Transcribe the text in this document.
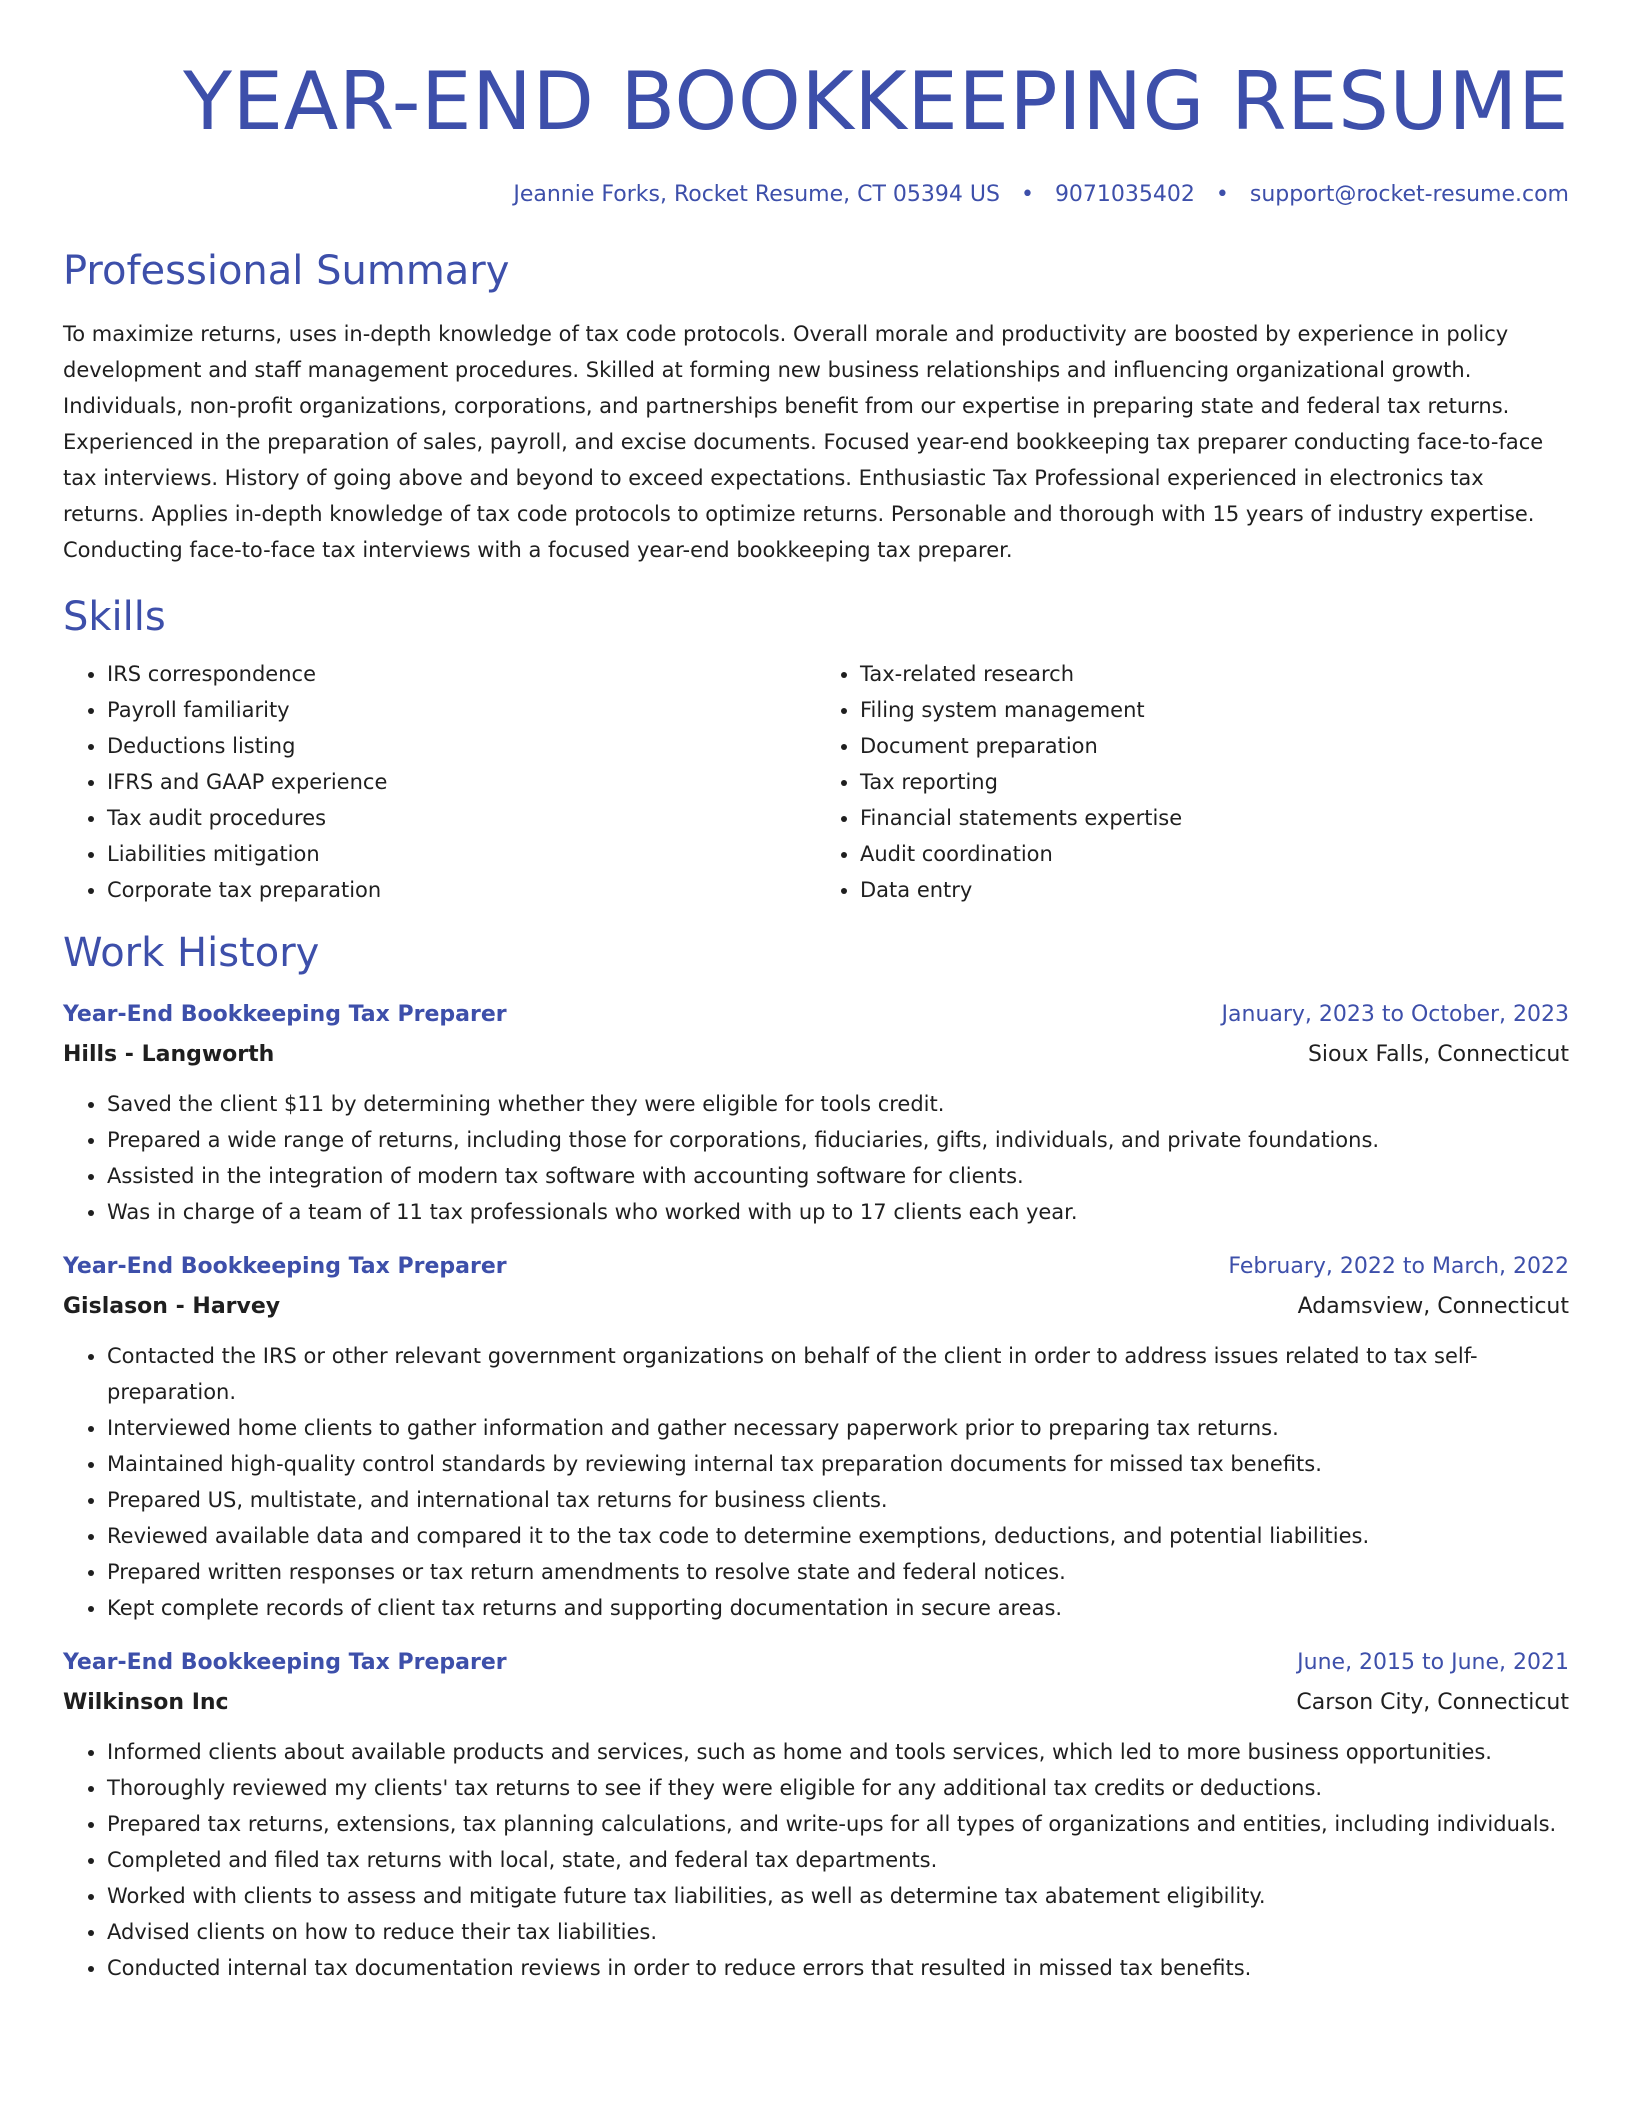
YEAR-END BOOKKEEPING RESUME
Jeannie Forks, Rocket Resume, CT 05394 US • 9071035402 • support@rocket-resume.com
Professional Summary

To maximize returns, uses in-depth knowledge of tax code protocols. Overall morale and productivity are boosted by experience in policy development and staff management procedures. Skilled at forming new business relationships and influencing organizational growth. Individuals, non-profit organizations, corporations, and partnerships benefit from our expertise in preparing state and federal tax returns. Experienced in the preparation of sales, payroll, and excise documents. Focused year-end bookkeeping tax preparer conducting face-to-face tax interviews. History of going above and beyond to exceed expectations. Enthusiastic Tax Professional experienced in electronics tax returns. Applies in-depth knowledge of tax code protocols to optimize returns. Personable and thorough with 15 years of industry expertise. Conducting face-to-face tax interviews with a focused year-end bookkeeping tax preparer.

Skills
• IRS correspondence
• Payroll familiarity
• Deductions listing
• IFRS and GAAP experience
• Tax audit procedures
• Liabilities mitigation
• Corporate tax preparation
• Tax-related research
• Filing system management
• Document preparation
• Tax reporting
• Financial statements expertise
• Audit coordination
• Data entry
Work History
Year-End Bookkeeping Tax Preparer	January, 2023 to October, 2023
Hills - Langworth	Sioux Falls, Connecticut
• Saved the client $11 by determining whether they were eligible for tools credit.
• Prepared a wide range of returns, including those for corporations, fiduciaries, gifts, individuals, and private foundations.
• Assisted in the integration of modern tax software with accounting software for clients.
• Was in charge of a team of 11 tax professionals who worked with up to 17 clients each year.
Year-End Bookkeeping Tax Preparer	February, 2022 to March, 2022
Gislason - Harvey	Adamsview, Connecticut
• Contacted the IRS or other relevant government organizations on behalf of the client in order to address issues related to tax self-preparation.
• Interviewed home clients to gather information and gather necessary paperwork prior to preparing tax returns.
• Maintained high-quality control standards by reviewing internal tax preparation documents for missed tax benefits.
• Prepared US, multistate, and international tax returns for business clients.
• Reviewed available data and compared it to the tax code to determine exemptions, deductions, and potential liabilities.
• Prepared written responses or tax return amendments to resolve state and federal notices.
• Kept complete records of client tax returns and supporting documentation in secure areas.
Year-End Bookkeeping Tax Preparer	June, 2015 to June, 2021
Wilkinson Inc	Carson City, Connecticut
• Informed clients about available products and services, such as home and tools services, which led to more business opportunities.
• Thoroughly reviewed my clients' tax returns to see if they were eligible for any additional tax credits or deductions.
• Prepared tax returns, extensions, tax planning calculations, and write-ups for all types of organizations and entities, including individuals.
• Completed and filed tax returns with local, state, and federal tax departments.
• Worked with clients to assess and mitigate future tax liabilities, as well as determine tax abatement eligibility.
• Advised clients on how to reduce their tax liabilities.
• Conducted internal tax documentation reviews in order to reduce errors that resulted in missed tax benefits.
